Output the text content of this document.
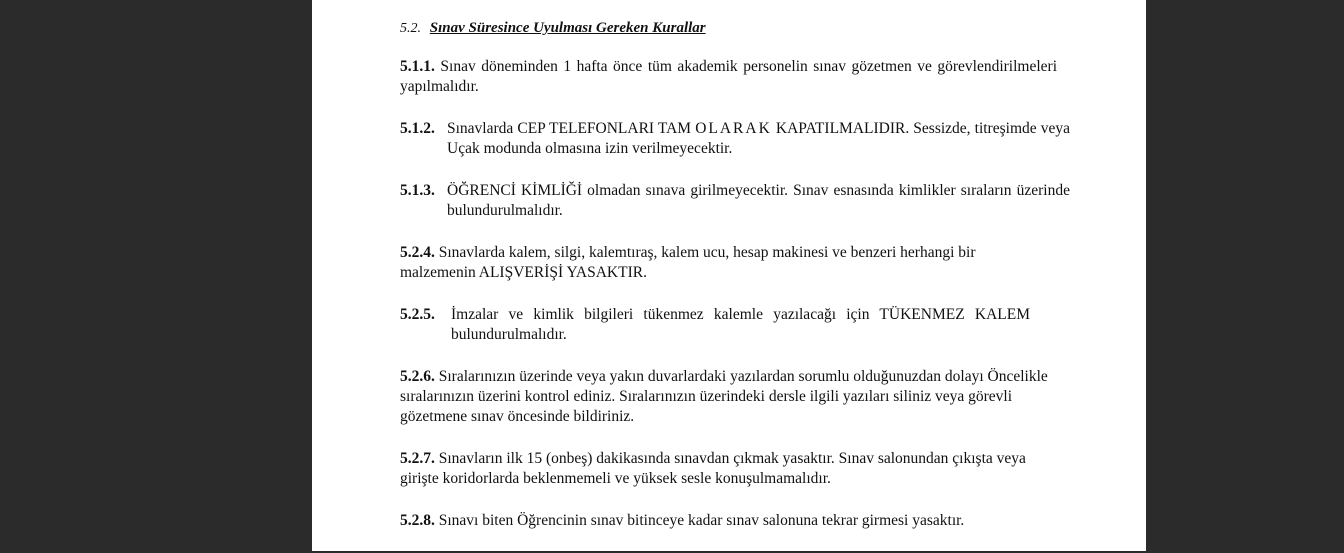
5.2. Sınav Süresince Uyulması Gereken Kurallar
5.1.1. Sınav döneminden 1 hafta önce tüm akademik personelin sınav gözetmen ve görevlendirilmeleri yapılmalıdır.
5.1.2. Sınavlarda CEP TELEFONLARI TAM OLARAK KAPATILMALIDIR. Sessizde, titreşimde veya Uçak modunda olmasına izin verilmeyecektir.
5.1.3. ÖĞRENCİ KİMLİĞİ olmadan sınava girilmeyecektir. Sınav esnasında kimlikler sıraların üzerinde bulundurulmalıdır.
5.2.4. Sınavlarda kalem, silgi, kalemtıraş, kalem ucu, hesap makinesi ve benzeri herhangi bir malzemenin ALIŞVERİŞİ YASAKTIR.
5.2.5.	İmzalar ve kimlik bilgileri tükenmez kalemle yazılacağı için TÜKENMEZ KALEM bulundurulmalıdır.
5.2.6. Sıralarınızın üzerinde veya yakın duvarlardaki yazılardan sorumlu olduğunuzdan dolayı Öncelikle sıralarınızın üzerini kontrol ediniz. Sıralarınızın üzerindeki dersle ilgili yazıları siliniz veya görevli gözetmene sınav öncesinde bildiriniz.
5.2.7. Sınavların ilk 15 (onbeş) dakikasında sınavdan çıkmak yasaktır. Sınav salonundan çıkışta veya girişte koridorlarda beklenmemeli ve yüksek sesle konuşulmamalıdır.
5.2.8. Sınavı biten Öğrencinin sınav bitinceye kadar sınav salonuna tekrar girmesi yasaktır.
